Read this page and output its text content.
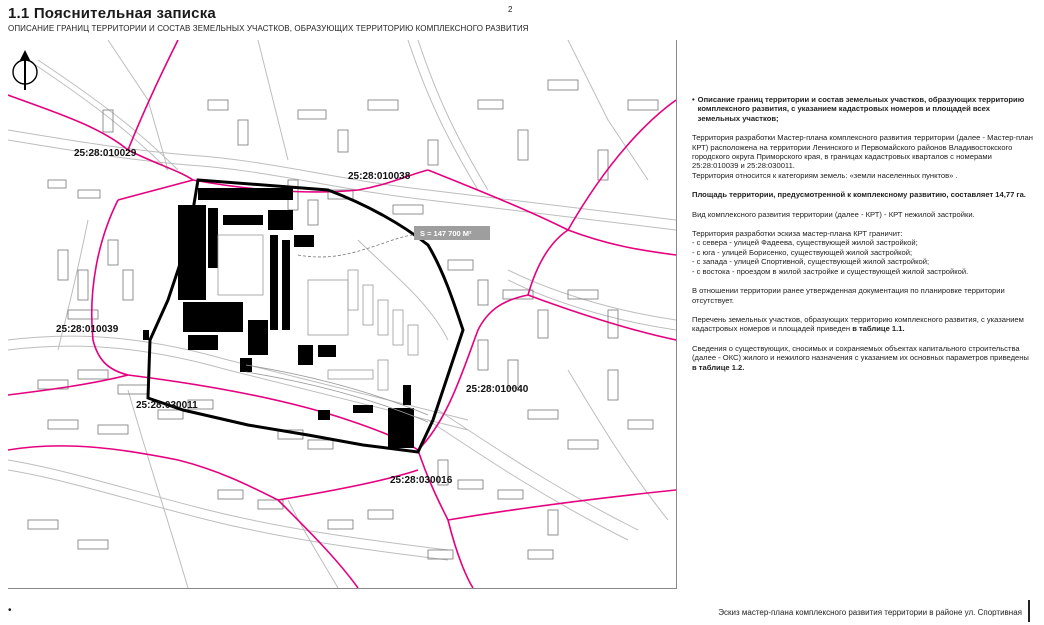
1.1 Пояснительная записка
ОПИСАНИЕ ГРАНИЦ ТЕРРИТОРИИ И СОСТАВ ЗЕМЕЛЬНЫХ УЧАСТКОВ, ОБРАЗУЮЩИХ ТЕРРИТОРИЮ КОМПЛЕКСНОГО РАЗВИТИЯ
2
S = 147 700 М²
25:28:010029
25:28:010038
25:28:010039
25:28:010040
25:28:030011
25:28:030016
• Описание границ территории и состав земельных участков, образующих территорию комплексного развития, с указанием кадастровых номеров и площадей всех земельных участков;

Территория разработки Мастер-плана комплексного развития территории (далее - Мастер-план КРТ) расположена на территории Ленинского и Первомайского районов Владивостокского городского округа Приморского края, в границах кадастровых кварталов с номерами 25:28:010039 и 25:28:030011.
Территория относится к категориям земель: «земли населенных пунктов» .

Площадь территории, предусмотренной к комплексному развитию, составляет 14,77 га.

Вид комплексного развития территории (далее - КРТ) - КРТ нежилой застройки.

Территория разработки эскиза мастер-плана КРТ граничит:
- с севера - улицей Фадеева, существующей жилой застройкой;
- с юга - улицей Борисенко, существующей жилой застройкой;
- с запада - улицей Спортивной, существующей жилой застройкой;
- с востока - проездом в жилой застройке и существующей жилой застройкой.

В отношении территории ранее утвержденная документация по планировке территории отсутствует.

Перечень земельных участков, образующих территорию комплексного развития, с указанием кадастровых номеров и площадей приведен в таблице 1.1.

Сведения о существующих, сносимых и сохраняемых объектах капитального строительства (далее - ОКС) жилого и нежилого назначения с указанием их основных параметров приведены в таблице 1.2.

•	Эскиз мастер-плана комплексного развития территории в районе ул. Спортивная
